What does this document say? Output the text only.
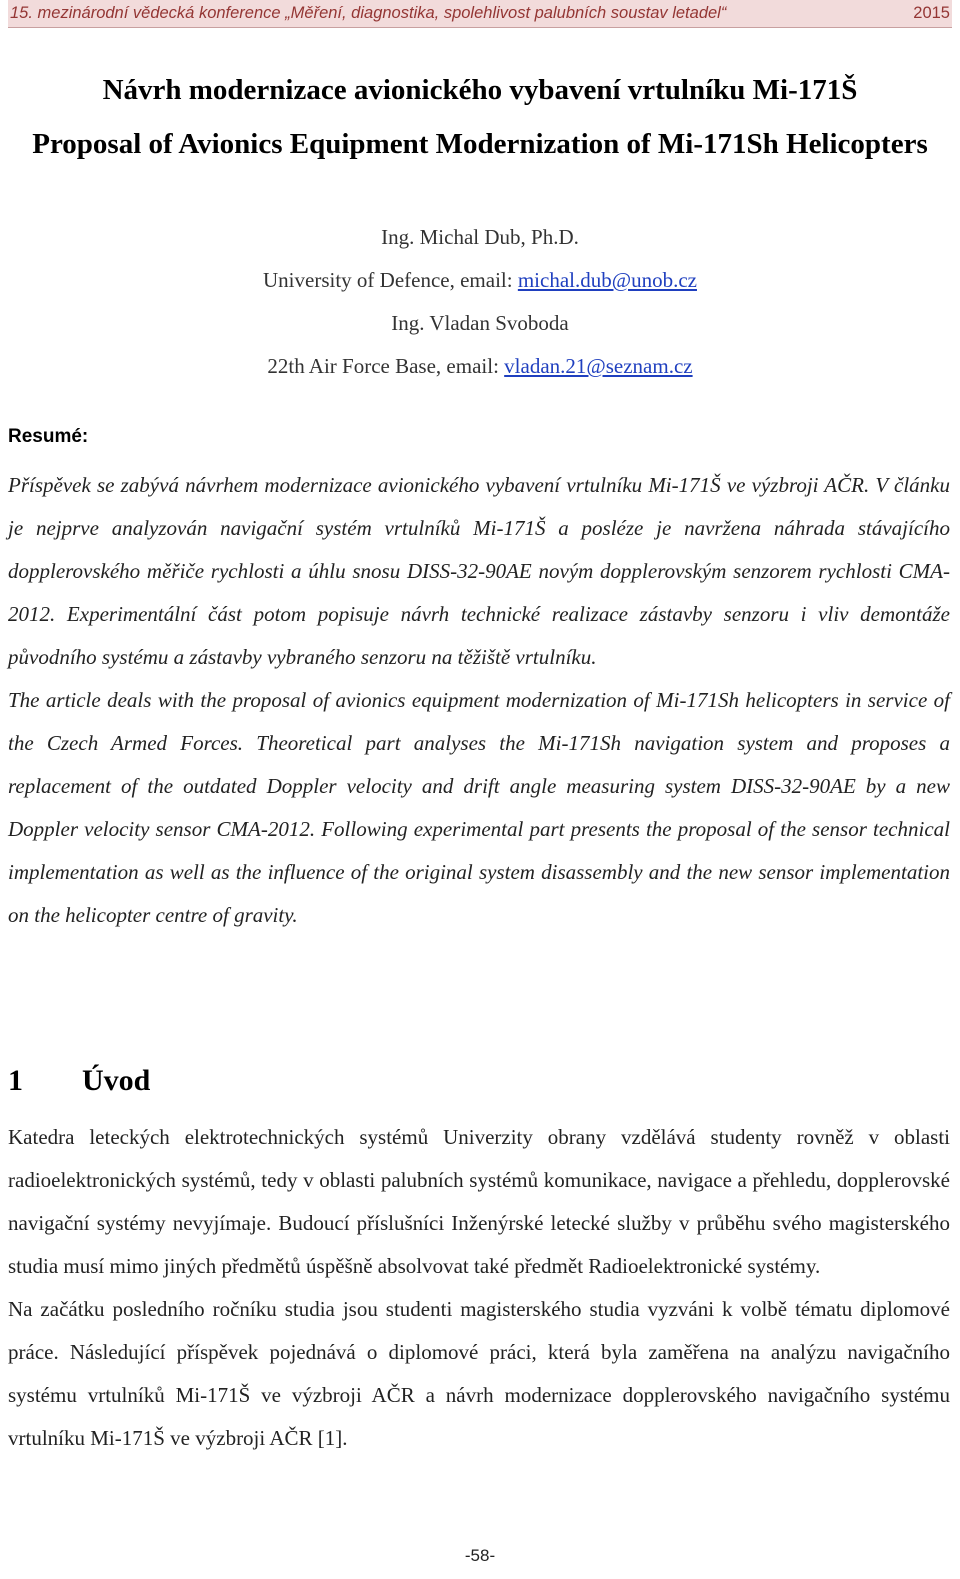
15. mezinárodní vědecká konference „Měření, diagnostika, spolehlivost palubních soustav letadel“	2015
Návrh modernizace avionického vybavení vrtulníku Mi-171Š
Proposal of Avionics Equipment Modernization of Mi-171Sh Helicopters
Ing. Michal Dub, Ph.D.
University of Defence, email: michal.dub@unob.cz
Ing. Vladan Svoboda
22th Air Force Base, email: vladan.21@seznam.cz
Resumé:

Příspěvek se zabývá návrhem modernizace avionického vybavení vrtulníku Mi-171Š ve výzbroji AČR. V článku je nejprve analyzován navigační systém vrtulníků Mi-171Š a posléze je navržena náhrada stávajícího dopplerovského měřiče rychlosti a úhlu snosu DISS-32-90AE novým dopplerovským senzorem rychlosti CMA-2012. Experimentální část potom popisuje návrh technické realizace zástavby senzoru i vliv demontáže původního systému a zástavby vybraného senzoru na těžiště vrtulníku.

The article deals with the proposal of avionics equipment modernization of Mi-171Sh helicopters in service of the Czech Armed Forces. Theoretical part analyses the Mi-171Sh navigation system and proposes a replacement of the outdated Doppler velocity and drift angle measuring system DISS-32-90AE by a new Doppler velocity sensor CMA-2012. Following experimental part presents the proposal of the sensor technical implementation as well as the influence of the original system disassembly and the new sensor implementation on the helicopter centre of gravity.

1 Úvod

Katedra leteckých elektrotechnických systémů Univerzity obrany vzdělává studenty rovněž v oblasti radioelektronických systémů, tedy v oblasti palubních systémů komunikace, navigace a přehledu, dopplerovské navigační systémy nevyjímaje. Budoucí příslušníci Inženýrské letecké služby v průběhu svého magisterského studia musí mimo jiných předmětů úspěšně absolvovat také předmět Radioelektronické systémy.

Na začátku posledního ročníku studia jsou studenti magisterského studia vyzváni k volbě tématu diplomové práce. Následující příspěvek pojednává o diplomové práci, která byla zaměřena na analýzu navigačního systému vrtulníků Mi-171Š ve výzbroji AČR a návrh modernizace dopplerovského navigačního systému vrtulníku Mi-171Š ve výzbroji AČR [1].

-58-
